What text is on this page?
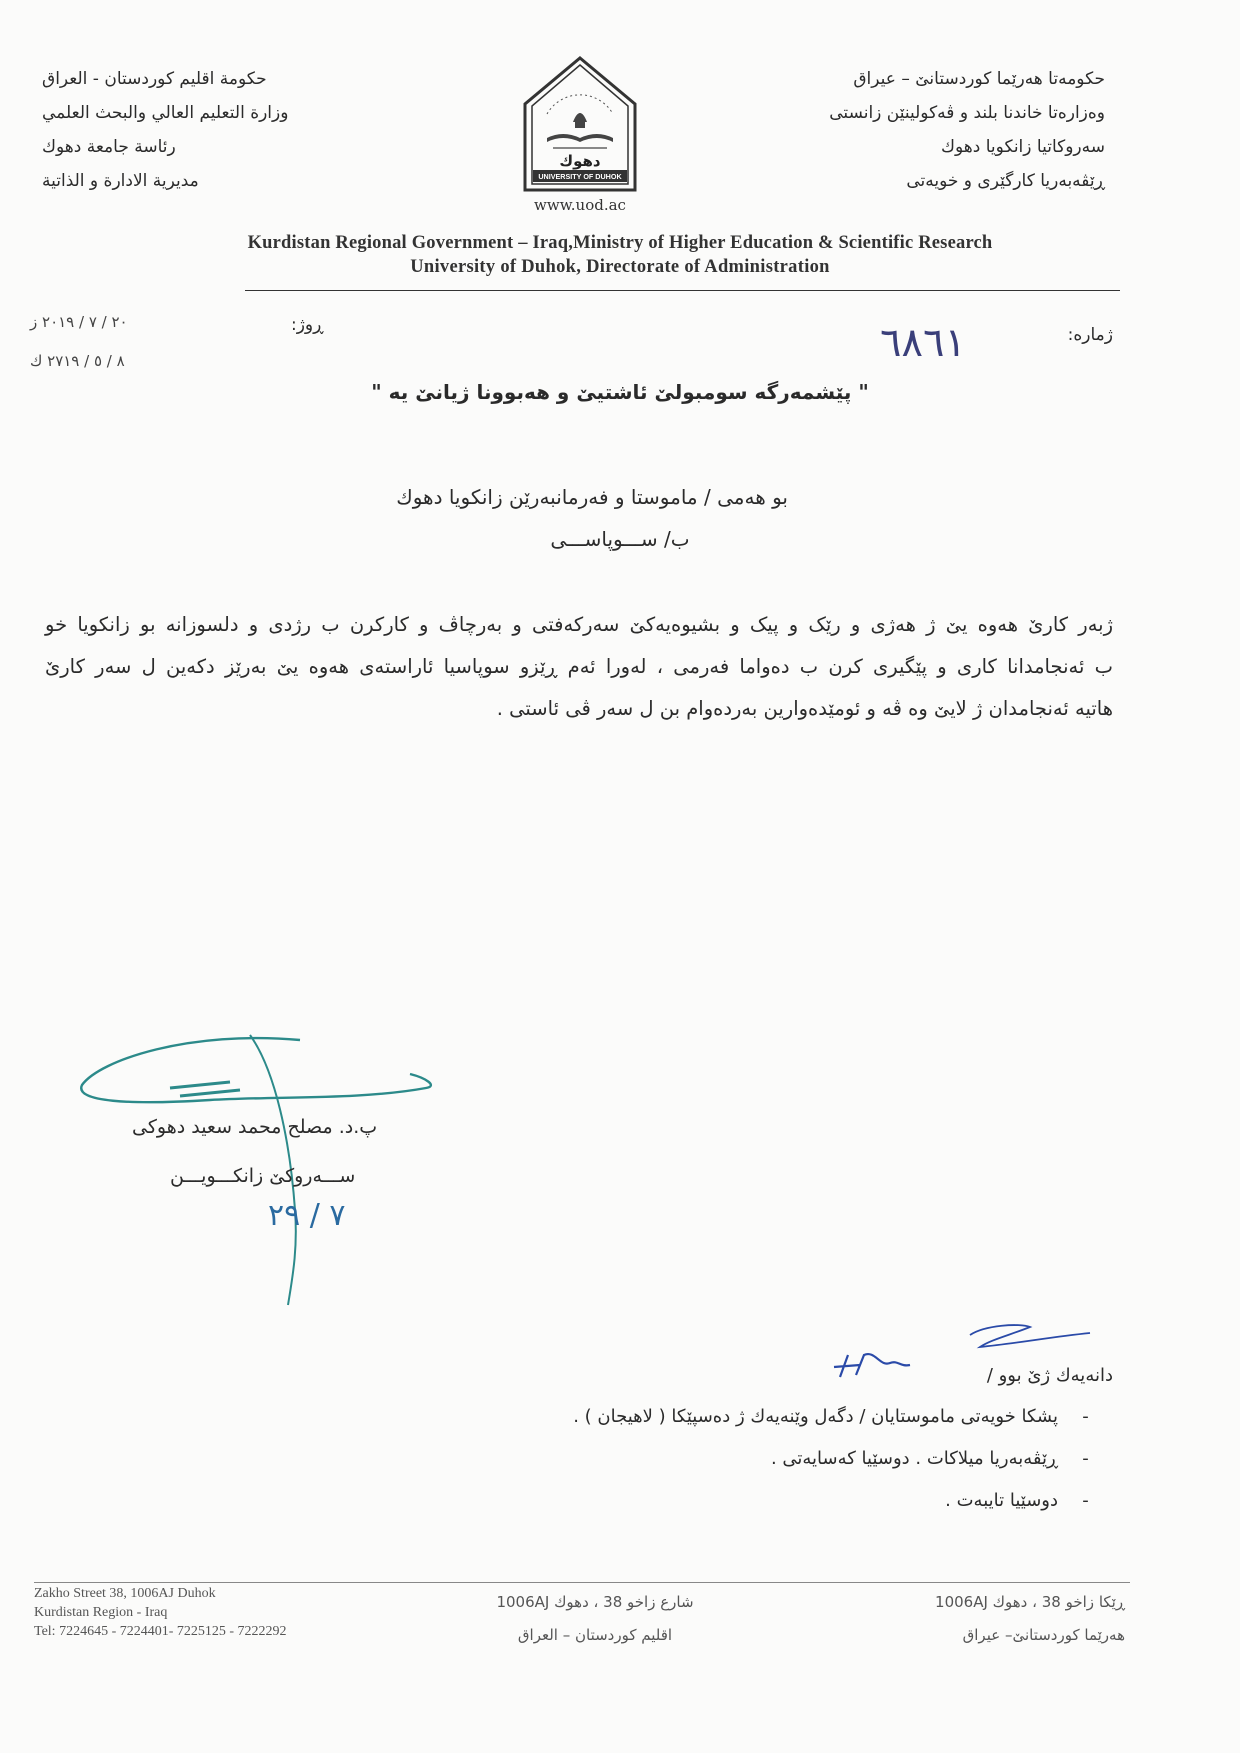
حکومەتا هەرێما کوردستانێ – عیراق
وەزارەتا خاندنا بلند و ڤەکولینێن زانستی
سەروکاتیا زانکویا دهوك
ڕێڤەبەریا کارگێری و خویەتی
حكومة اقليم كوردستان - العراق
وزارة التعليم العالي والبحث العلمي
رئاسة جامعة دهوك
مديرية الادارة و الذاتية
دهوك
UNIVERSITY OF DUHOK
www.uod.ac
Kurdistan Regional Government – Iraq,Ministry of Higher Education & Scientific Research
University of Duhok, Directorate of Administration
ژمارە:
٦٨٦١
ڕوژ:
٢٠ / ٧ / ٢٠١٩ ز
٨ / ٥ / ٢٧١٩ ك
" پێشمەرگە سومبولێ ئاشتیێ و هەبوونا ژیانێ یە "
بو هەمی / ماموستا و فەرمانبەرێن زانکویا دهوك
ب/ ســـوپاســـی
ژبەر کارێ هەوە یێ ژ هەژی و رێک و پیک و بشیوەیەکێ سەرکەفتی و بەرچاڤ و کارکرن ب رژدی و دلسوزانە بو زانکویا خو
ب ئەنجامدانا کاری و پێگیری کرن ب دەواما فەرمی ، لەورا ئەم ڕێزو سوپاسیا ئاراستەی هەوە یێ بەرێز دکەین ل سەر کارێ
هاتیە ئەنجامدان ژ لایێ وە ڤە و ئومێدەوارین بەردەوام بن ل سەر ڤی ئاستی .
پ.د. مصلح محمد سعيد دهوكى
ســـەروکێ زانکـــویـــن
٧ / ٢٩
دانەیەك ژێ بوو /
-پشکا خویەتی ماموستایان / دگەل وێنەیەك ژ دەسپێکا ( لاهیجان ) .
-ڕێڤەبەریا میلاکات . دوسێیا کەسایەتی .
-دوسێیا تایبەت .
Zakho Street 38, 1006AJ Duhok
Kurdistan Region - Iraq
Tel: 7224645 - 7224401- 7225125 - 7222292
شارع زاخو 38 ، دهوك 1006AJ
اقليم كوردستان – العراق
ڕێکا زاخو 38 ، دهوك 1006AJ
هەرێما کوردستانێ– عیراق
